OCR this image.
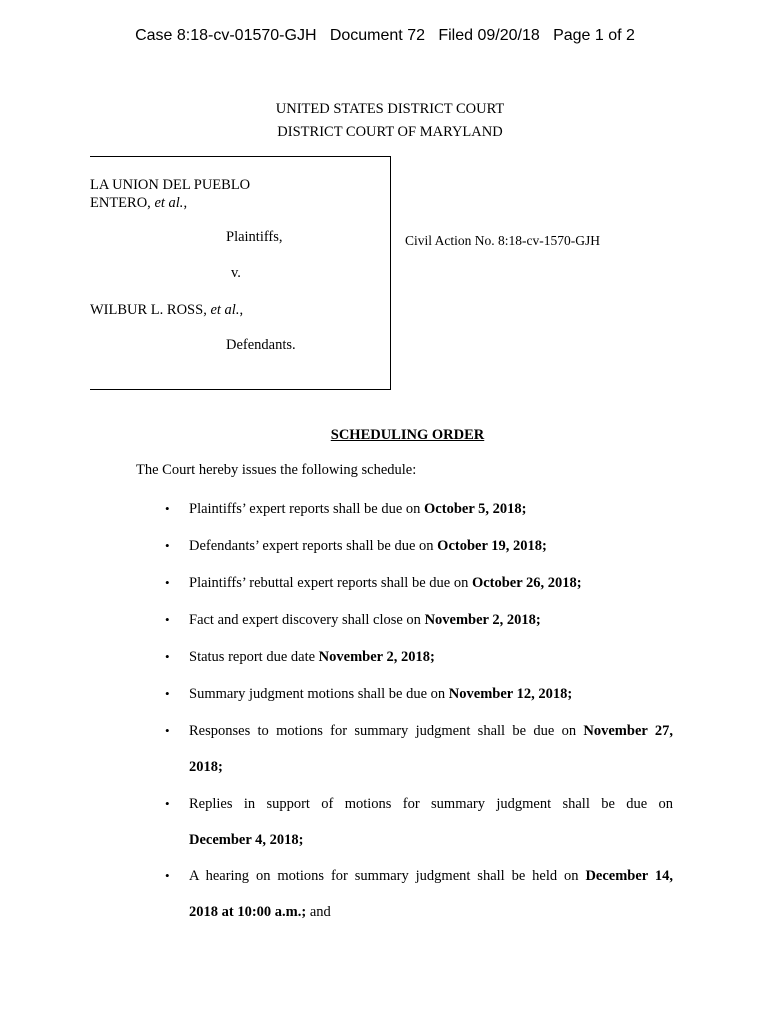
Case 8:18-cv-01570-GJH   Document 72   Filed 09/20/18   Page 1 of 2
UNITED STATES DISTRICT COURT
DISTRICT COURT OF MARYLAND
LA UNION DEL PUEBLO
ENTERO, et al.,
Plaintiffs,
v.
WILBUR L. ROSS, et al.,
Defendants.
Civil Action No. 8:18-cv-1570-GJH
SCHEDULING ORDER
The Court hereby issues the following schedule:
• Plaintiffs’ expert reports shall be due on October 5, 2018;
• Defendants’ expert reports shall be due on October 19, 2018;
• Plaintiffs’ rebuttal expert reports shall be due on October 26, 2018;
• Fact and expert discovery shall close on November 2, 2018;
• Status report due date November 2, 2018;
• Summary judgment motions shall be due on November 12, 2018;
• Responses to motions for summary judgment shall be due on November 27,
2018;
• Replies in support of motions for summary judgment shall be due on
December 4, 2018;
• A hearing on motions for summary judgment shall be held on December 14,
2018 at 10:00 a.m.; and
